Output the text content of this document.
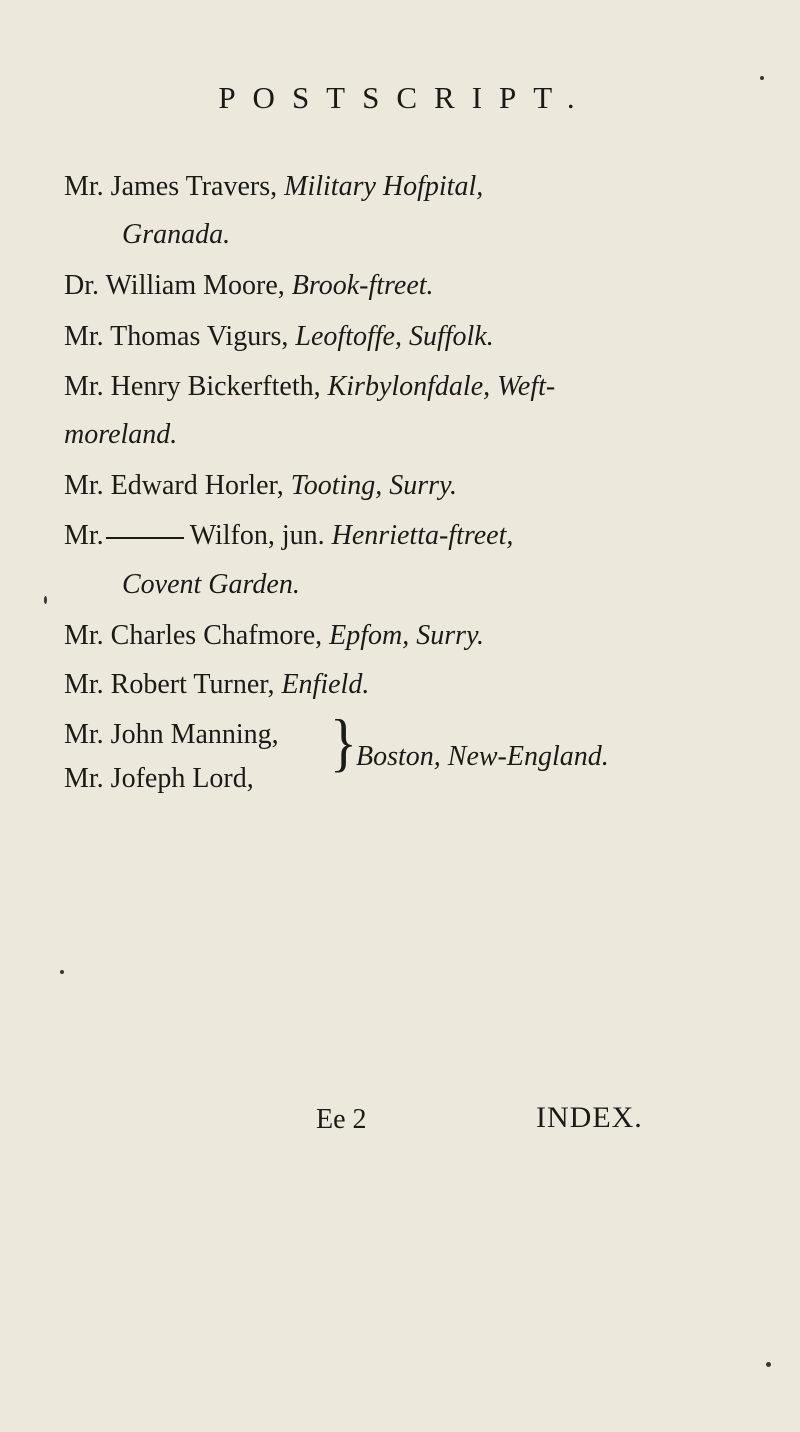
POSTSCRIPT.
Mr. James Travers, Military Hofpital,
Granada.
Dr. William Moore, Brook-ftreet.
Mr. Thomas Vigurs, Leoftoffe, Suffolk.
Mr. Henry Bickerfteth, Kirbylonfdale, Weft-
moreland.
Mr. Edward Horler, Tooting, Surry.
Mr.	Wilfon, jun. Henrietta-ftreet,
Covent Garden.
Mr. Charles Chafmore, Epfom, Surry.
Mr. Robert Turner, Enfield.
Mr. John Manning,
Mr. Jofeph Lord, } Boston, New-England.
Ee 2	INDEX.
